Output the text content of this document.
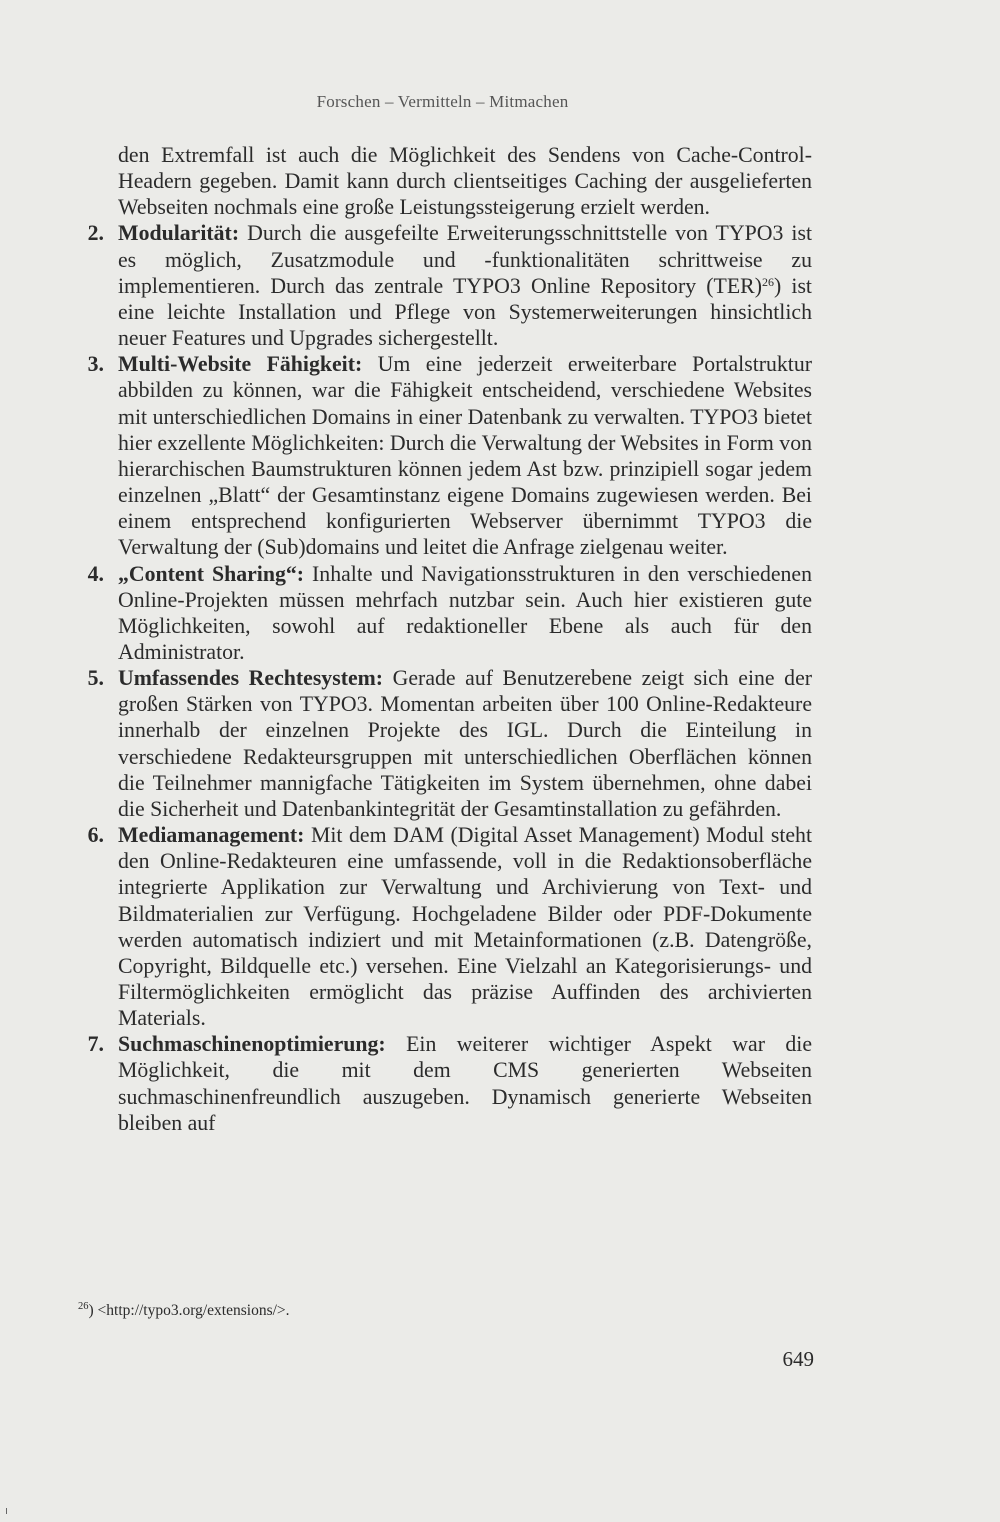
Forschen – Vermitteln – Mitmachen
den Extremfall ist auch die Möglichkeit des Sendens von Cache-Control-Headern gegeben. Damit kann durch clientseitiges Caching der ausgelieferten Webseiten nochmals eine große Leistungssteigerung erzielt werden.
2. Modularität: Durch die ausgefeilte Erweiterungsschnittstelle von TYPO3 ist es möglich, Zusatzmodule und -funktionalitäten schrittweise zu implementieren. Durch das zentrale TYPO3 Online Repository (TER)$^{26}$) ist eine leichte Installation und Pflege von Systemerweiterungen hinsichtlich neuer Features und Upgrades sichergestellt.
3. Multi-Website Fähigkeit: Um eine jederzeit erweiterbare Portalstruktur abbilden zu können, war die Fähigkeit entscheidend, verschiedene Websites mit unterschiedlichen Domains in einer Datenbank zu verwalten. TYPO3 bietet hier exzellente Möglichkeiten: Durch die Verwaltung der Websites in Form von hierarchischen Baumstrukturen können jedem Ast bzw. prinzipiell sogar jedem einzelnen „Blatt“ der Gesamtinstanz eigene Domains zugewiesen werden. Bei einem entsprechend konfigurierten Webserver übernimmt TYPO3 die Verwaltung der (Sub)domains und leitet die Anfrage zielgenau weiter.
4. „Content Sharing“: Inhalte und Navigationsstrukturen in den verschiedenen Online-Projekten müssen mehrfach nutzbar sein. Auch hier existieren gute Möglichkeiten, sowohl auf redaktioneller Ebene als auch für den Administrator.
5. Umfassendes Rechtesystem: Gerade auf Benutzerebene zeigt sich eine der großen Stärken von TYPO3. Momentan arbeiten über 100 Online-Redakteure innerhalb der einzelnen Projekte des IGL. Durch die Einteilung in verschiedene Redakteursgruppen mit unterschiedlichen Oberflächen können die Teilnehmer mannigfache Tätigkeiten im System übernehmen, ohne dabei die Sicherheit und Datenbankintegrität der Gesamtinstallation zu gefährden.
6. Mediamanagement: Mit dem DAM (Digital Asset Management) Modul steht den Online-Redakteuren eine umfassende, voll in die Redaktionsoberfläche integrierte Applikation zur Verwaltung und Archivierung von Text- und Bildmaterialien zur Verfügung. Hochgeladene Bilder oder PDF-Dokumente werden automatisch indiziert und mit Metainformationen (z.B. Datengröße, Copyright, Bildquelle etc.) versehen. Eine Vielzahl an Kategorisierungs- und Filtermöglichkeiten ermöglicht das präzise Auffinden des archivierten Materials.
7. Suchmaschinenoptimierung: Ein weiterer wichtiger Aspekt war die Möglichkeit, die mit dem CMS generierten Webseiten suchmaschinenfreundlich auszugeben. Dynamisch generierte Webseiten bleiben auf
$^{26}$) <http://typo3.org/extensions/>.
649
